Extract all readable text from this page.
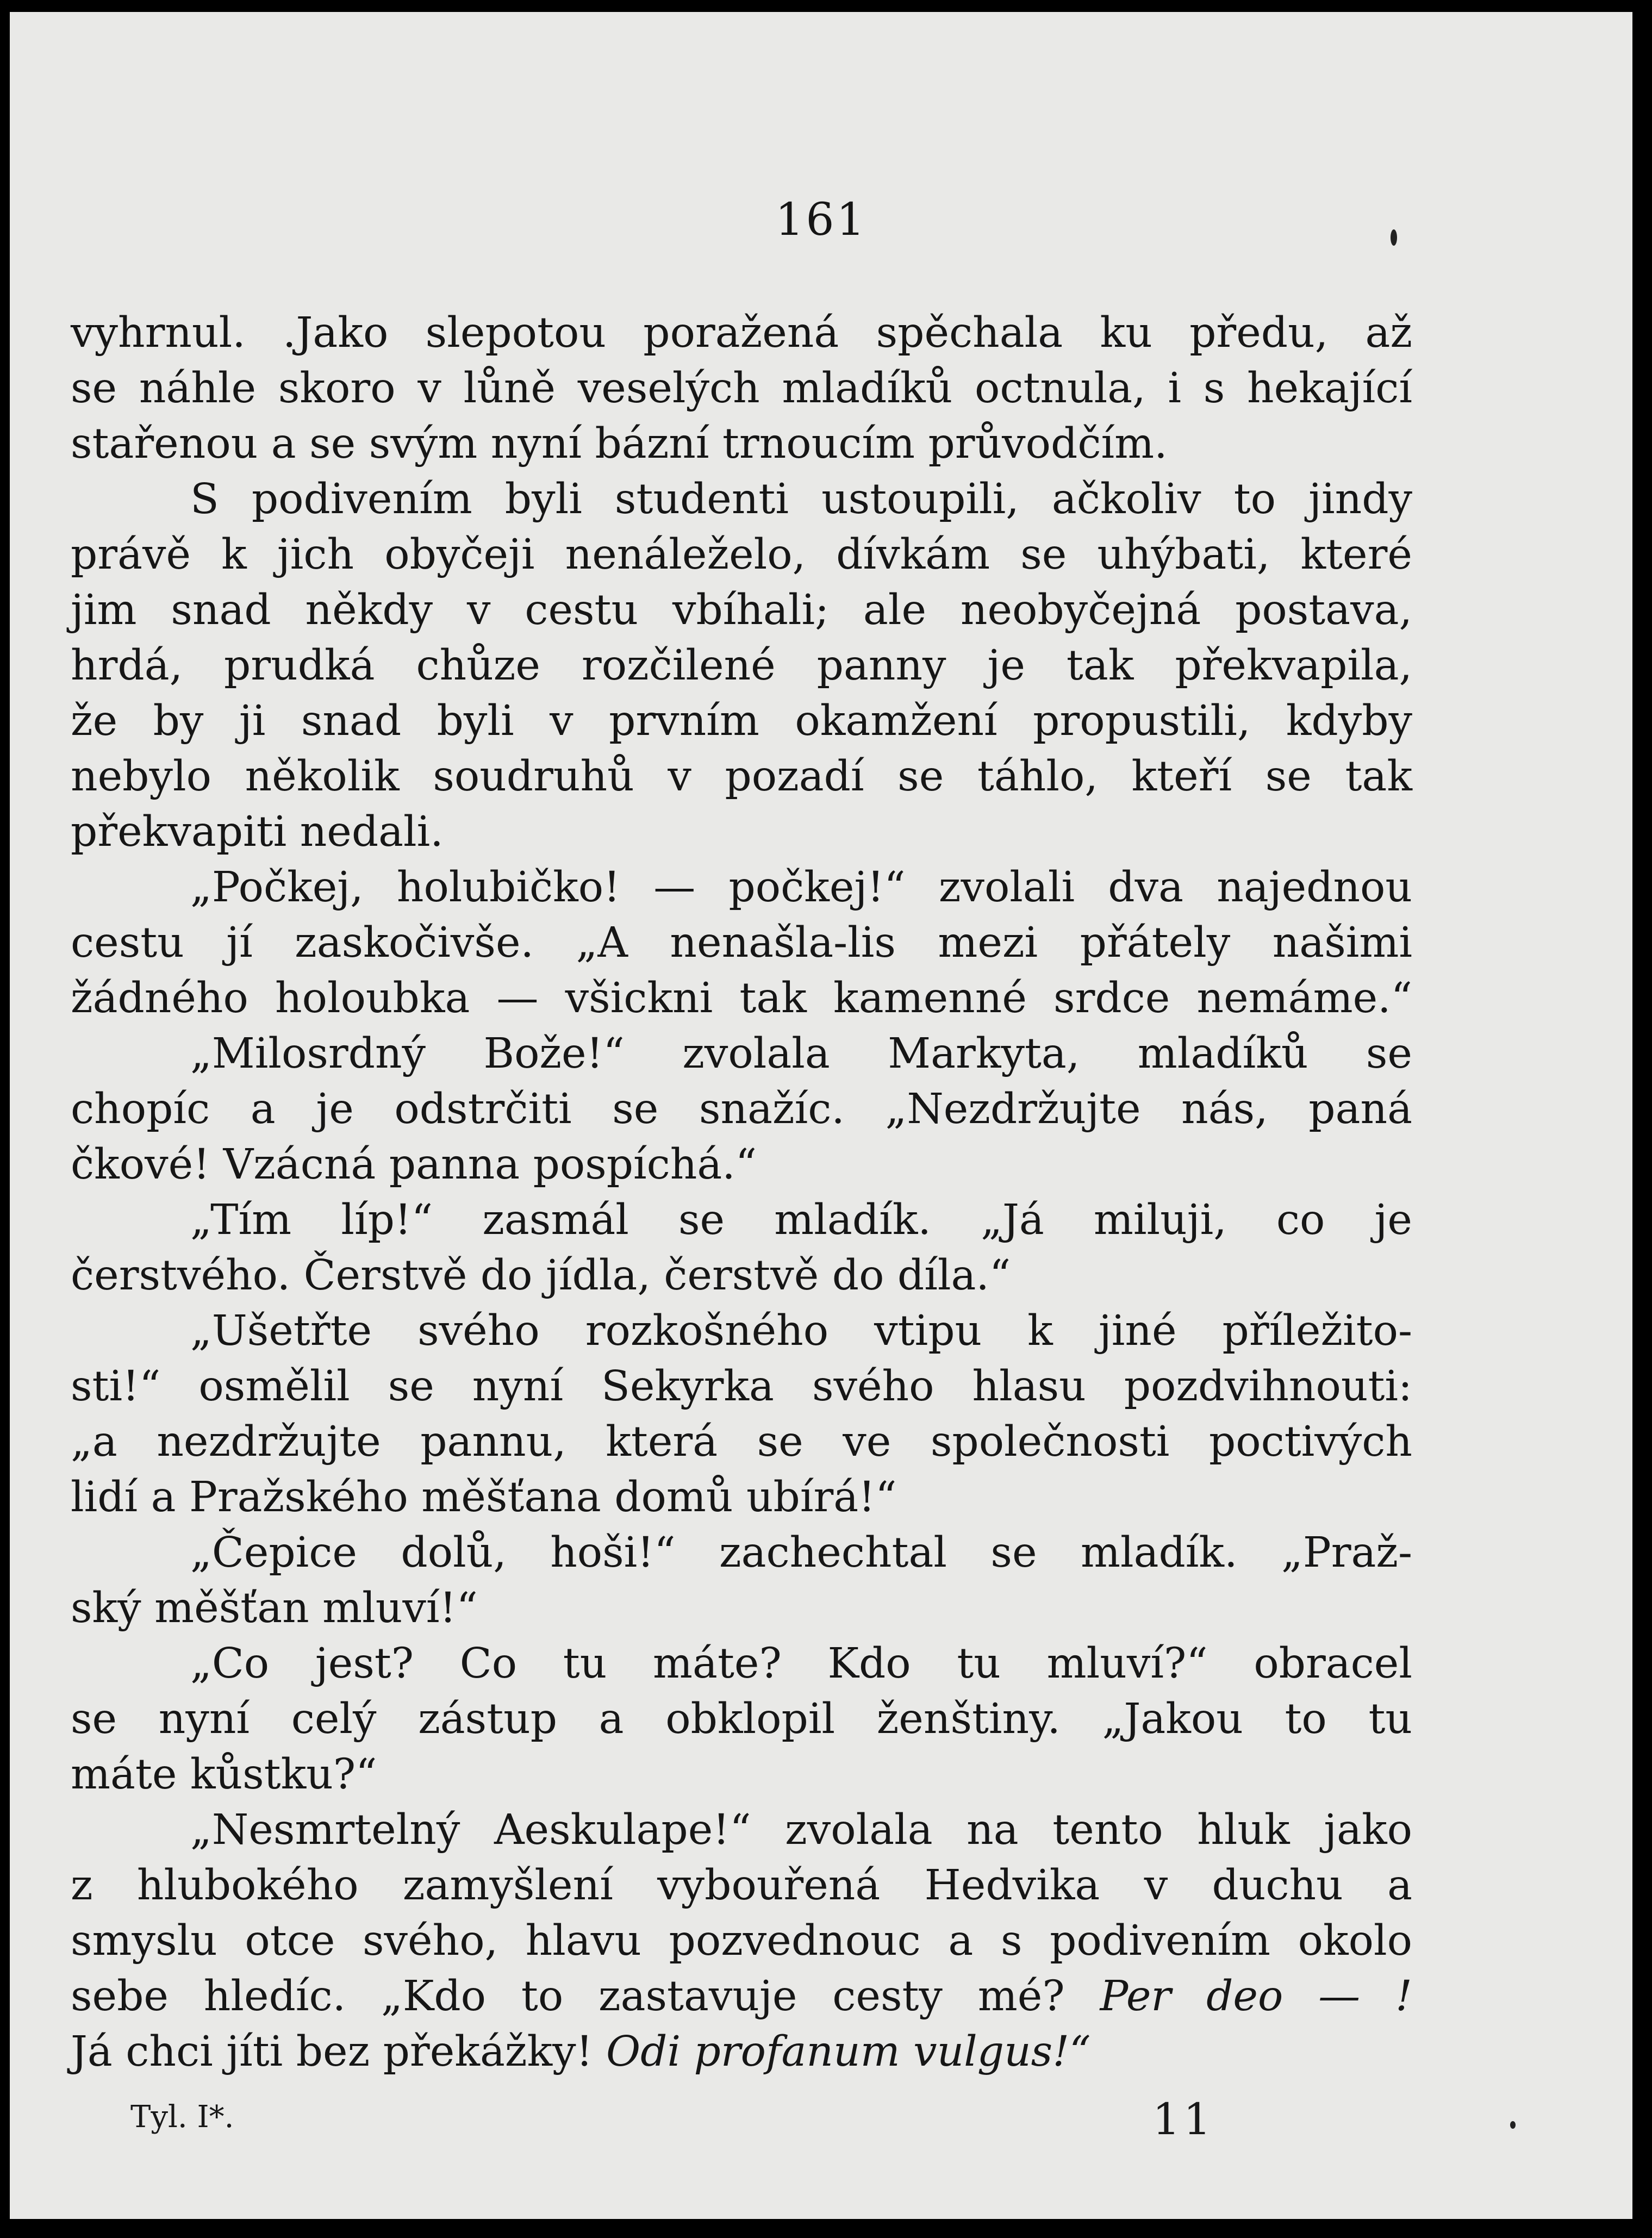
161
vyhrnul. .Jako slepotou poražená spěchala ku předu, až
se náhle skoro v lůně veselých mladíků octnula, i s hekající
stařenou a se svým nyní bázní trnoucím průvodčím.
S podivením byli studenti ustoupili, ačkoliv to jindy
právě k jich obyčeji nenáleželo, dívkám se uhýbati, které
jim snad někdy v cestu vbíhali; ale neobyčejná postava,
hrdá, prudká chůze rozčilené panny je tak překvapila,
že by ji snad byli v prvním okamžení propustili, kdyby
nebylo několik soudruhů v pozadí se táhlo, kteří se tak
překvapiti nedali.
„Počkej, holubičko! — počkej!“ zvolali dva najednou
cestu jí zaskočivše. „A nenašla-lis mezi přátely našimi
žádného holoubka — všickni tak kamenné srdce nemáme.“
„Milosrdný Bože!“ zvolala Markyta, mladíků se
chopíc a je odstrčiti se snažíc. „Nezdržujte nás, paná
čkové! Vzácná panna pospíchá.“
„Tím líp!“ zasmál se mladík. „Já miluji, co je
čerstvého. Čerstvě do jídla, čerstvě do díla.“
„Ušetřte svého rozkošného vtipu k jiné příležito-
sti!“ osmělil se nyní Sekyrka svého hlasu pozdvihnouti:
„a nezdržujte pannu, která se ve společnosti poctivých
lidí a Pražského měšťana domů ubírá!“
„Čepice dolů, hoši!“ zachechtal se mladík. „Praž-
ský měšťan mluví!“
„Co jest? Co tu máte? Kdo tu mluví?“ obracel
se nyní celý zástup a obklopil ženštiny. „Jakou to tu
máte kůstku?“
„Nesmrtelný Aeskulape!“ zvolala na tento hluk jako
z hlubokého zamyšlení vybouřená Hedvika v duchu a
smyslu otce svého, hlavu pozvednouc a s podivením okolo
sebe hledíc. „Kdo to zastavuje cesty mé? Per deo — !
Já chci jíti bez překážky! Odi profanum vulgus!“
Tyl. I*.	11
